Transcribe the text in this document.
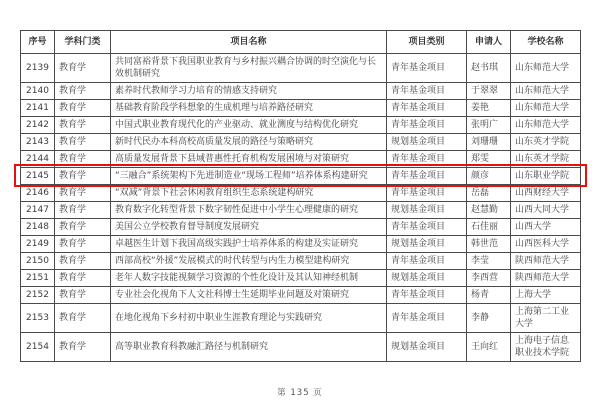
序号	学科门类	项目名称	项目类别	申请人	学校名称
2139	教育学	共同富裕背景下我国职业教育与乡村振兴耦合协调的时空演化与长效机制研究	青年基金项目	赵书琪	山东师范大学
2140	教育学	素养时代教师学习力培育的情感支持研究	青年基金项目	于翠翠	山东师范大学
2141	教育学	基础教育阶段学科想象的生成机理与培养路径研究	青年基金项目	姜艳	山东师范大学
2142	教育学	中国式职业教育现代化的产业驱动、就业测度与结构优化研究	青年基金项目	张明广	山东师范大学
2143	教育学	新时代民办本科高校高质量发展的路径与策略研究	规划基金项目	刘珊珊	山东英才学院
2144	教育学	高质量发展背景下县域普惠性托育机构发展困境与对策研究	青年基金项目	郑雯	山东英才学院
2145	教育学	“三融合”系统架构下先进制造业“现场工程师”培养体系构建研究	青年基金项目	颜彦	山东职业学院
2146	教育学	“双减”背景下社会休闲教育组织生态系统建构研究	青年基金项目	岳磊	山西财经大学
2147	教育学	教育数字化转型背景下数字韧性促进中小学生心理健康的研究	规划基金项目	赵慧勤	山西大同大学
2148	教育学	美国公立学校教育督导制度发展研究	青年基金项目	石佳丽	山西大学
2149	教育学	卓越医生计划下我国高级实践护士培养体系的构建及实证研究	规划基金项目	韩世范	山西医科大学
2150	教育学	西部高校“外援”发展模式的时代转型与内生力模型建构研究	青年基金项目	李莹	陕西师范大学
2151	教育学	老年人数字技能视频学习资源的个性化设计及其认知神经机制	规划基金项目	李西营	陕西师范大学
2152	教育学	专业社会化视角下人文社科博士生延期毕业问题及对策研究	青年基金项目	杨青	上海大学
2153	教育学	在地化视角下乡村初中职业生涯教育理论与实践研究	青年基金项目	李静	上海第二工业大学
2154	教育学	高等职业教育科教融汇路径与机制研究	规划基金项目	王向红	上海电子信息职业技术学院
第 135 页
